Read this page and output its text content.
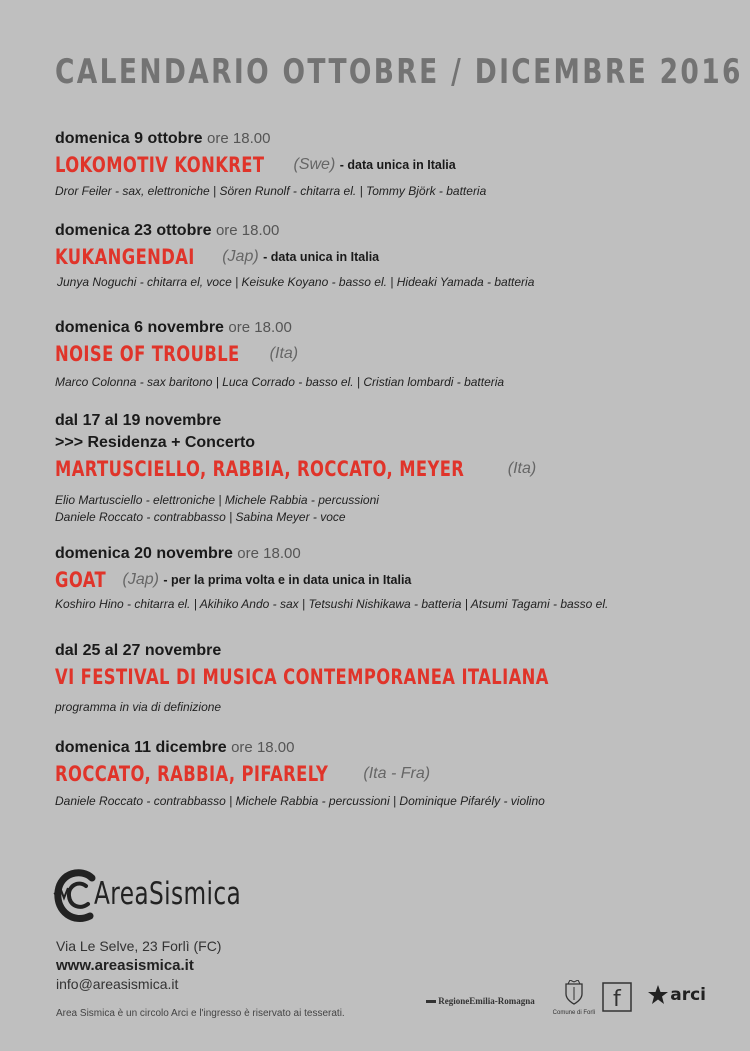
CALENDARIO OTTOBRE / DICEMBRE 2016
domenica 9 ottobre ore 18.00
LOKOMOTIV KONKRET (Swe) - data unica in Italia
Dror Feiler - sax, elettroniche | Sören Runolf - chitarra el. | Tommy Björk - batteria
domenica 23 ottobre ore 18.00
KUKANGENDAI (Jap) - data unica in Italia
Junya Noguchi - chitarra el, voce | Keisuke Koyano - basso el. | Hideaki Yamada - batteria
domenica 6 novembre ore 18.00
NOISE OF TROUBLE (Ita)
Marco Colonna - sax baritono | Luca Corrado - basso el. | Cristian lombardi - batteria
dal 17 al 19 novembre
>>> Residenza + Concerto
MARTUSCIELLO, RABBIA, ROCCATO, MEYER	(Ita)
Elio Martusciello - elettroniche | Michele Rabbia - percussioni
Daniele Roccato - contrabbasso | Sabina Meyer - voce
domenica 20 novembre ore 18.00
GOAT (Jap) - per la prima volta e in data unica in Italia
Koshiro Hino - chitarra el. | Akihiko Ando - sax | Tetsushi Nishikawa - batteria | Atsumi Tagami - basso el.
dal 25 al 27 novembre
VI FESTIVAL DI MUSICA CONTEMPORANEA ITALIANA
programma in via di definizione
domenica 11 dicembre ore 18.00
ROCCATO, RABBIA, PIFARELY (Ita - Fra)
Daniele Roccato - contrabbasso | Michele Rabbia - percussioni | Dominique Pifarély - violino
AreaSismica
Via Le Selve, 23 Forlì (FC)
www.areasismica.it
info@areasismica.it
Area Sismica è un circolo Arci e l'ingresso è riservato ai tesserati.
RegioneEmilia-Romagna
Comune di Forlì
f	arci
